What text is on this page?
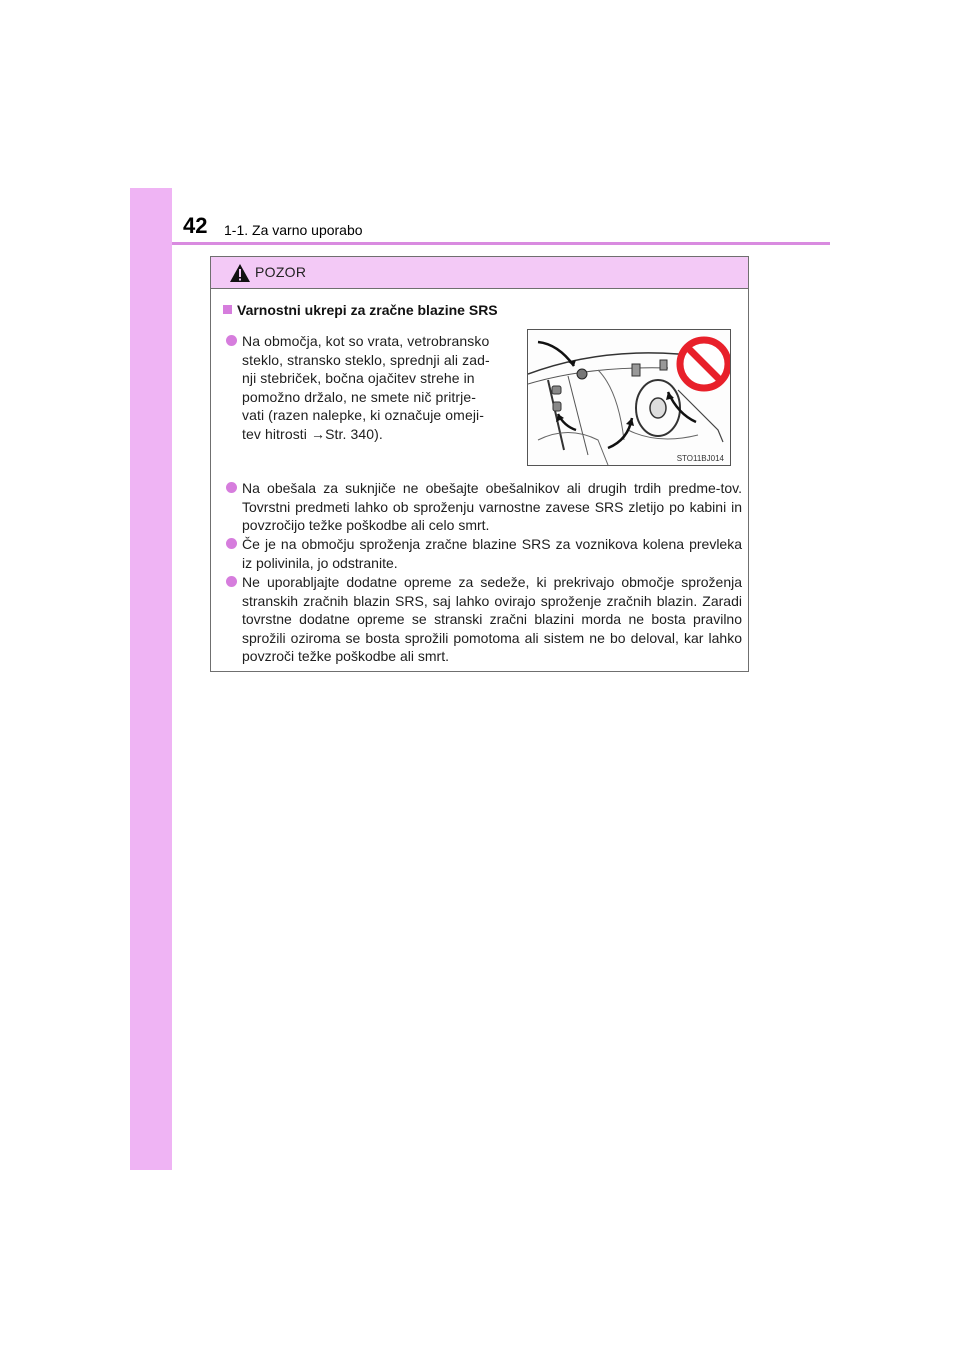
42 1-1. Za varno uporabo
POZOR
Varnostni ukrepi za zračne blazine SRS
Na območja, kot so vrata, vetrobransko
steklo, stransko steklo, sprednji ali zad-
nji stebriček, bočna ojačitev strehe in
pomožno držalo, ne smete nič pritrje-
vati (razen nalepke, ki označuje omeji-
tev hitrosti →Str. 340).
STO11BJ014
Na obešala za suknjiče ne obešajte obešalnikov ali drugih trdih predme-tov. Tovrstni predmeti lahko ob sproženju varnostne zavese SRS zletijo po kabini in povzročijo težke poškodbe ali celo smrt.
Če je na območju sproženja zračne blazine SRS za voznikova kolena prevleka iz polivinila, jo odstranite.
Ne uporabljajte dodatne opreme za sedeže, ki prekrivajo območje sproženja stranskih zračnih blazin SRS, saj lahko ovirajo sproženje zračnih blazin. Zaradi tovrstne dodatne opreme se stranski zračni blazini morda ne bosta pravilno sprožili oziroma se bosta sprožili pomotoma ali sistem ne bo deloval, kar lahko povzroči težke poškodbe ali smrt.
